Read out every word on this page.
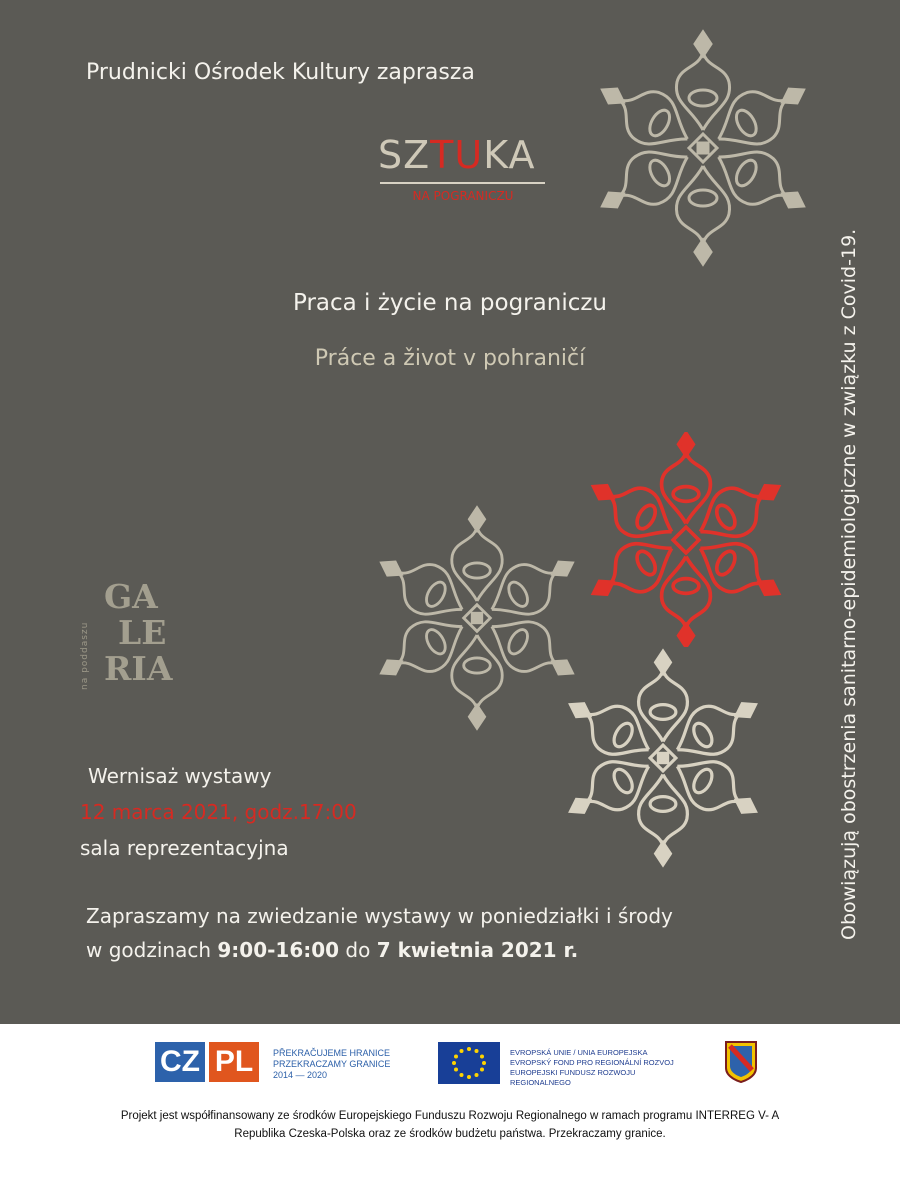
Prudnicki Ośrodek Kultury zaprasza
SZTUKA
NA POGRANICZU
Praca i życie na pograniczu
Práce a život v pohraničí
na poddaszu
GA
LE
RIA
Wernisaż wystawy
12 marca 2021, godz.17:00
sala reprezentacyjna
Zapraszamy na zwiedzanie wystawy w poniedziałki i środy
w godzinach 9:00-16:00 do 7 kwietnia 2021 r.
Obowiązują obostrzenia sanitarno-epidemiologiczne w związku z Covid-19.
CZ PL PŘEKRAČUJEME HRANICE
PRZEKRACZAMY GRANICE
2014 — 2020
EVROPSKÁ UNIE / UNIA EUROPEJSKA
EVROPSKÝ FOND PRO REGIONÁLNÍ ROZVOJ
EUROPEJSKI FUNDUSZ ROZWOJU REGIONALNEGO
Projekt jest współfinansowany ze środków Europejskiego Funduszu Rozwoju Regionalnego w ramach programu INTERREG V- A
Republika Czeska-Polska oraz ze środków budżetu państwa. Przekraczamy granice.
